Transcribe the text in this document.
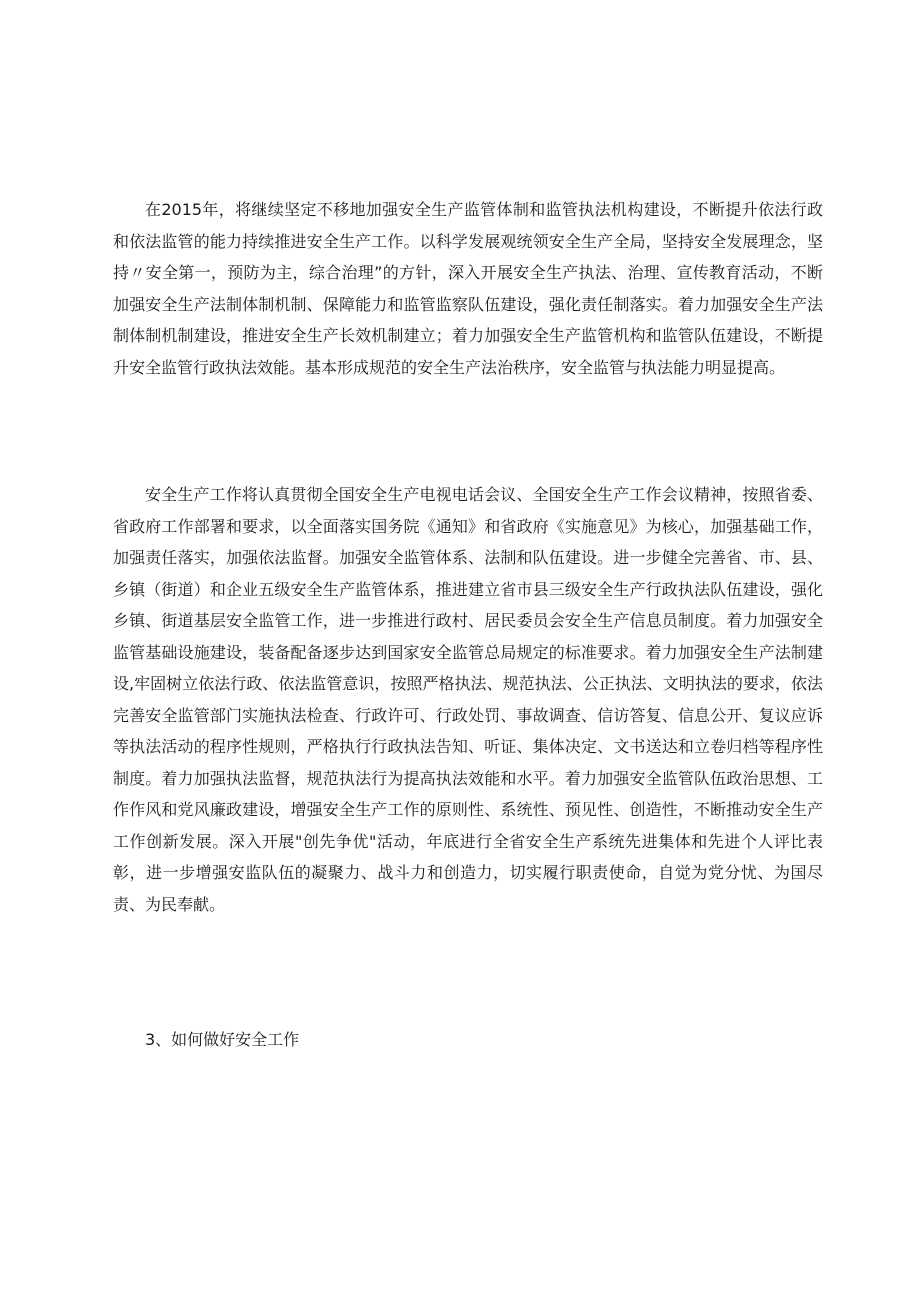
在2015年，将继续坚定不移地加强安全生产监管体制和监管执法机构建设，不断提升依法行政和依法监管的能力持续推进安全生产工作。以科学发展观统领安全生产全局，坚持安全发展理念，坚持〃安全第一，预防为主，综合治理”的方针，深入开展安全生产执法、治理、宣传教育活动，不断加强安全生产法制体制机制、保障能力和监管监察队伍建设，强化责任制落实。着力加强安全生产法制体制机制建设，推进安全生产长效机制建立；着力加强安全生产监管机构和监管队伍建设，不断提升安全监管行政执法效能。基本形成规范的安全生产法治秩序，安全监管与执法能力明显提高。

安全生产工作将认真贯彻全国安全生产电视电话会议、全国安全生产工作会议精神，按照省委、省政府工作部署和要求，以全面落实国务院《通知》和省政府《实施意见》为核心，加强基础工作，加强责任落实，加强依法监督。加强安全监管体系、法制和队伍建设。进一步健全完善省、市、县、乡镇（街道）和企业五级安全生产监管体系，推进建立省市县三级安全生产行政执法队伍建设，强化乡镇、街道基层安全监管工作，进一步推进行政村、居民委员会安全生产信息员制度。着力加强安全监管基础设施建设，装备配备逐步达到国家安全监管总局规定的标准要求。着力加强安全生产法制建设,牢固树立依法行政、依法监管意识，按照严格执法、规范执法、公正执法、文明执法的要求，依法完善安全监管部门实施执法检查、行政许可、行政处罚、事故调查、信访答复、信息公开、复议应诉等执法活动的程序性规则，严格执行行政执法告知、听证、集体决定、文书送达和立卷归档等程序性制度。着力加强执法监督，规范执法行为提高执法效能和水平。着力加强安全监管队伍政治思想、工作作风和党风廉政建设，增强安全生产工作的原则性、系统性、预见性、创造性，不断推动安全生产工作创新发展。深入开展"创先争优"活动，年底进行全省安全生产系统先进集体和先进个人评比表彰，进一步增强安监队伍的凝聚力、战斗力和创造力，切实履行职责使命，自觉为党分忧、为国尽责、为民奉献。

3、如何做好安全工作
